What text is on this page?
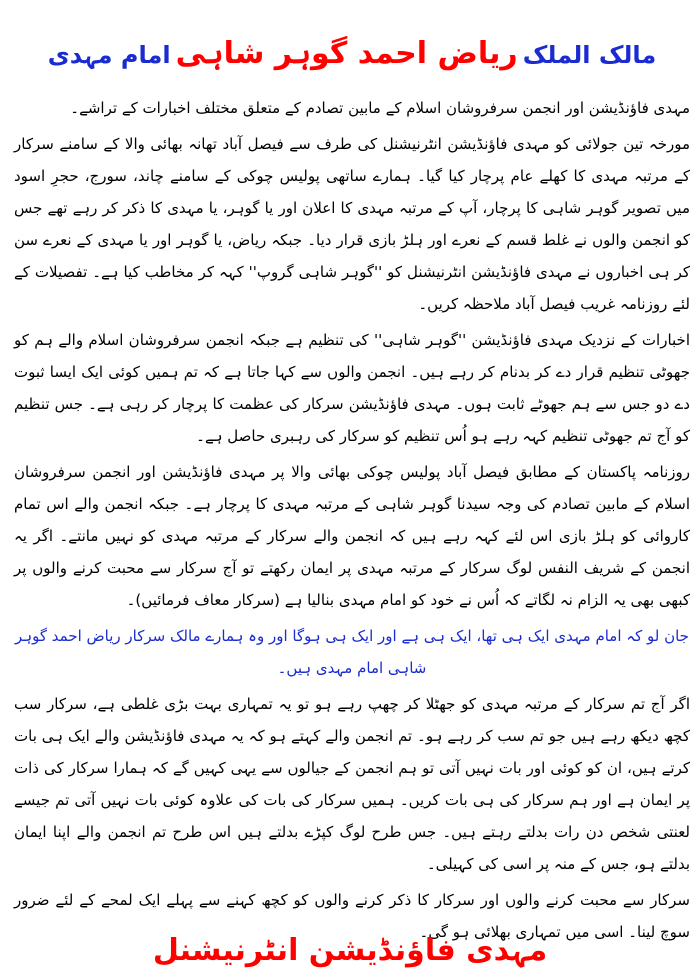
مالک الملک ریاض احمد گوہر شاہی امام مہدی

مہدی فاؤنڈیشن اور انجمن سرفروشان اسلام کے مابین تصادم کے متعلق مختلف اخبارات کے تراشے۔

مورخہ تین جولائی کو مہدی فاؤنڈیشن انٹرنیشنل کی طرف سے فیصل آباد تھانہ بھائی والا کے سامنے سرکار کے مرتبہ مہدی کا کھلے عام پرچار کیا گیا۔ ہمارے ساتھی پولیس چوکی کے سامنے چاند، سورج، حجرِ اسود میں تصویر گوہر شاہی کا پرچار، آپ کے مرتبہ مہدی کا اعلان اور یا گوہر، یا مہدی کا ذکر کر رہے تھے جس کو انجمن والوں نے غلط قسم کے نعرے اور ہلڑ بازی قرار دیا۔ جبکہ ریاض، یا گوہر اور یا مہدی کے نعرے سن کر ہی اخباروں نے مہدی فاؤنڈیشن انٹرنیشنل کو ''گوہر شاہی گروپ'' کہہ کر مخاطب کیا ہے۔ تفصیلات کے لئے روزنامہ غریب فیصل آباد ملاحظہ کریں۔

اخبارات کے نزدیک مہدی فاؤنڈیشن ''گوہر شاہی'' کی تنظیم ہے جبکہ انجمن سرفروشان اسلام والے ہم کو جھوٹی تنظیم قرار دے کر بدنام کر رہے ہیں۔ انجمن والوں سے کہا جاتا ہے کہ تم ہمیں کوئی ایک ایسا ثبوت دے دو جس سے ہم جھوٹے ثابت ہوں۔ مہدی فاؤنڈیشن سرکار کی عظمت کا پرچار کر رہی ہے۔ جس تنظیم کو آج تم جھوٹی تنظیم کہہ رہے ہو اُس تنظیم کو سرکار کی رہبری حاصل ہے۔

روزنامہ پاکستان کے مطابق فیصل آباد پولیس چوکی بھائی والا پر مہدی فاؤنڈیشن اور انجمن سرفروشان اسلام کے مابین تصادم کی وجہ سیدنا گوہر شاہی کے مرتبہ مہدی کا پرچار ہے۔ جبکہ انجمن والے اس تمام کاروائی کو ہلڑ بازی اس لئے کہہ رہے ہیں کہ انجمن والے سرکار کے مرتبہ مہدی کو نہیں مانتے۔ اگر یہ انجمن کے شریف النفس لوگ سرکار کے مرتبہ مہدی پر ایمان رکھتے تو آج سرکار سے محبت کرنے والوں پر کبھی بھی یہ الزام نہ لگاتے کہ اُس نے خود کو امام مہدی بنالیا ہے (سرکار معاف فرمائیں)۔

جان لو کہ امام مہدی ایک ہی تھا، ایک ہی ہے اور ایک ہی ہوگا اور وہ ہمارے مالک سرکار ریاض احمد گوہر شاہی امام مہدی ہیں۔

اگر آج تم سرکار کے مرتبہ مہدی کو جھٹلا کر چھپ رہے ہو تو یہ تمہاری بہت بڑی غلطی ہے، سرکار سب کچھ دیکھ رہے ہیں جو تم سب کر رہے ہو۔ تم انجمن والے کہتے ہو کہ یہ مہدی فاؤنڈیشن والے ایک ہی بات کرتے ہیں، ان کو کوئی اور بات نہیں آتی تو ہم انجمن کے جیالوں سے یہی کہیں گے کہ ہمارا سرکار کی ذات پر ایمان ہے اور ہم سرکار کی ہی بات کریں۔ ہمیں سرکار کی بات کی علاوہ کوئی بات نہیں آتی تم جیسے لعنتی شخص دن رات بدلتے رہتے ہیں۔ جس طرح لوگ کپڑے بدلتے ہیں اس طرح تم انجمن والے اپنا ایمان بدلتے ہو، جس کے منہ پر اسی کی کہیلی۔

سرکار سے محبت کرنے والوں اور سرکار کا ذکر کرنے والوں کو کچھ کہنے سے پہلے ایک لمحے کے لئے ضرور سوچ لینا۔ اسی میں تمہاری بھلائی ہو گی۔

مہدی فاؤنڈیشن انٹرنیشنل
